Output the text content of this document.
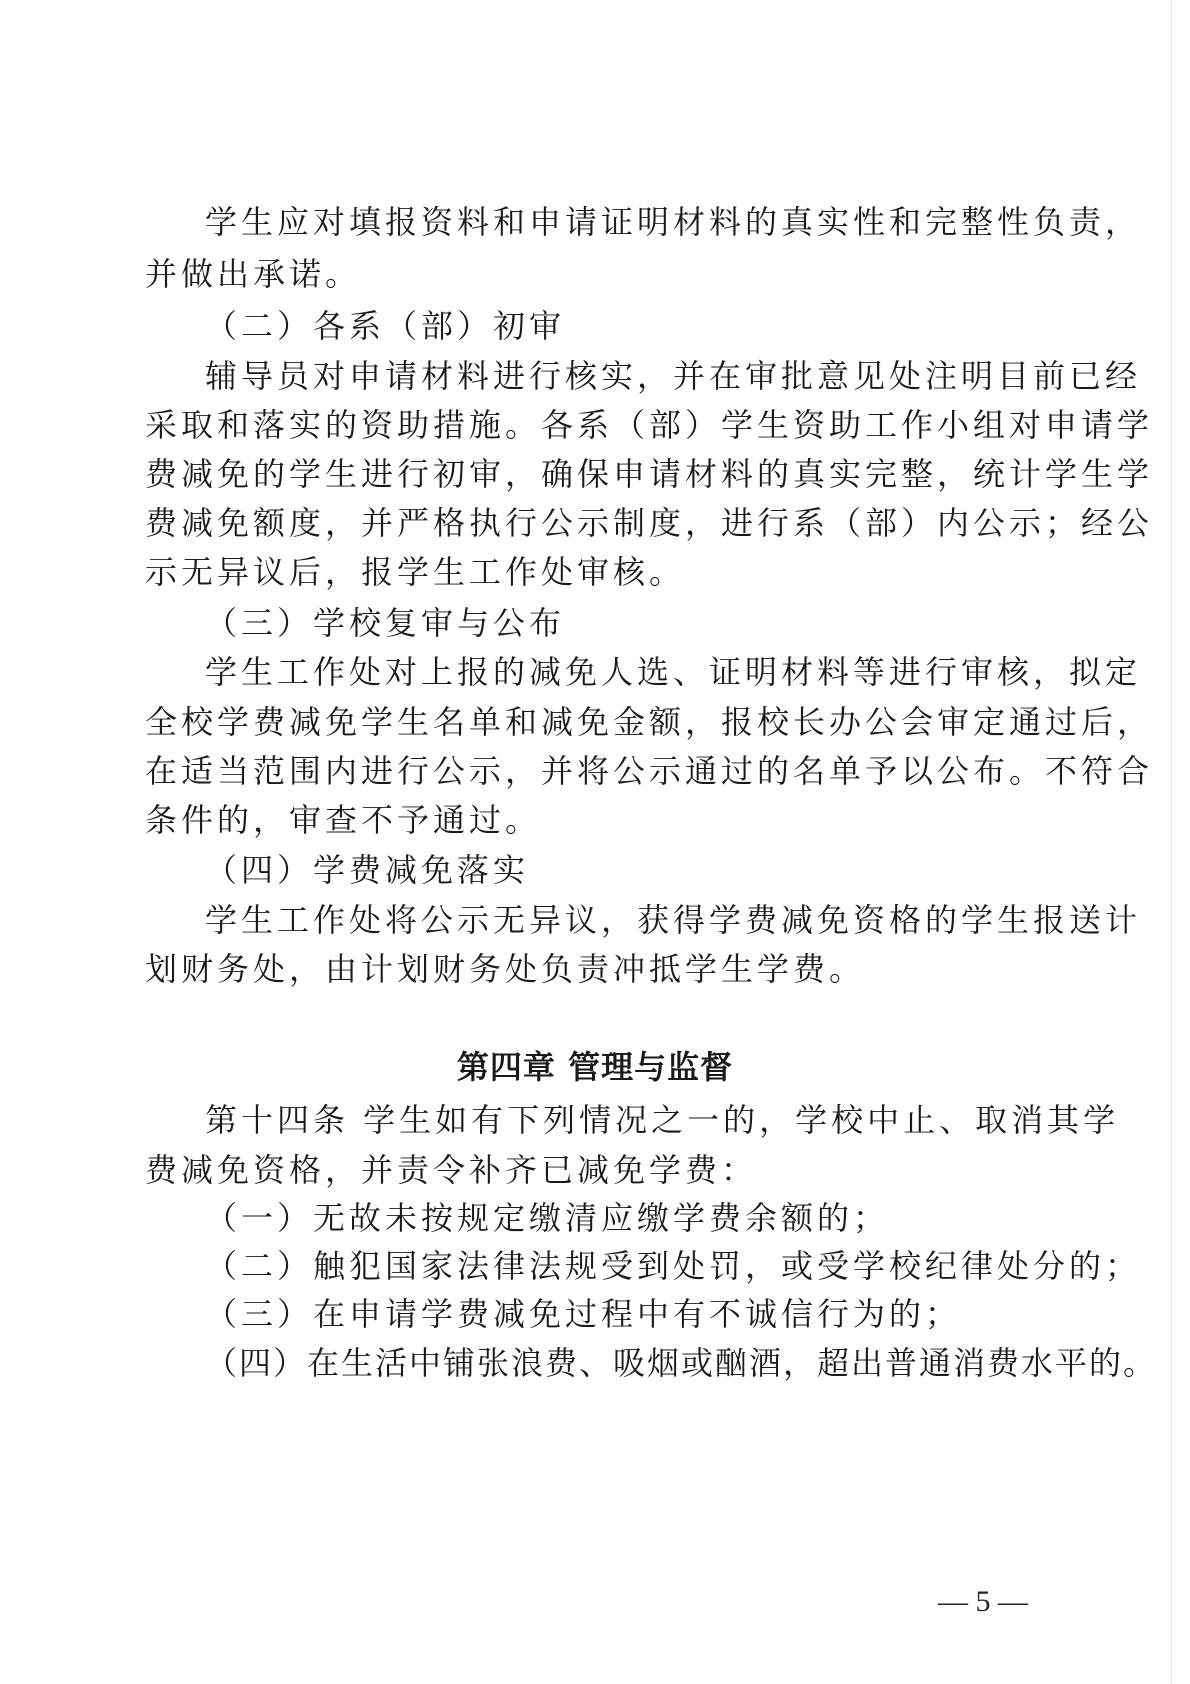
学生应对填报资料和申请证明材料的真实性和完整性负责，
并做出承诺。
（二）各系（部）初审
辅导员对申请材料进行核实，并在审批意见处注明目前已经
采取和落实的资助措施。各系（部）学生资助工作小组对申请学
费减免的学生进行初审，确保申请材料的真实完整，统计学生学
费减免额度，并严格执行公示制度，进行系（部）内公示；经公
示无异议后，报学生工作处审核。
（三）学校复审与公布
学生工作处对上报的减免人选、证明材料等进行审核，拟定
全校学费减免学生名单和减免金额，报校长办公会审定通过后，
在适当范围内进行公示，并将公示通过的名单予以公布。不符合
条件的，审查不予通过。
（四）学费减免落实
学生工作处将公示无异议，获得学费减免资格的学生报送计
划财务处，由计划财务处负责冲抵学生学费。
第四章 管理与监督
第十四条 学生如有下列情况之一的，学校中止、取消其学
费减免资格，并责令补齐已减免学费：
（一）无故未按规定缴清应缴学费余额的；
（二）触犯国家法律法规受到处罚，或受学校纪律处分的；
（三）在申请学费减免过程中有不诚信行为的；
（四）在生活中铺张浪费、吸烟或酗酒，超出普通消费水平的。
— 5 —
